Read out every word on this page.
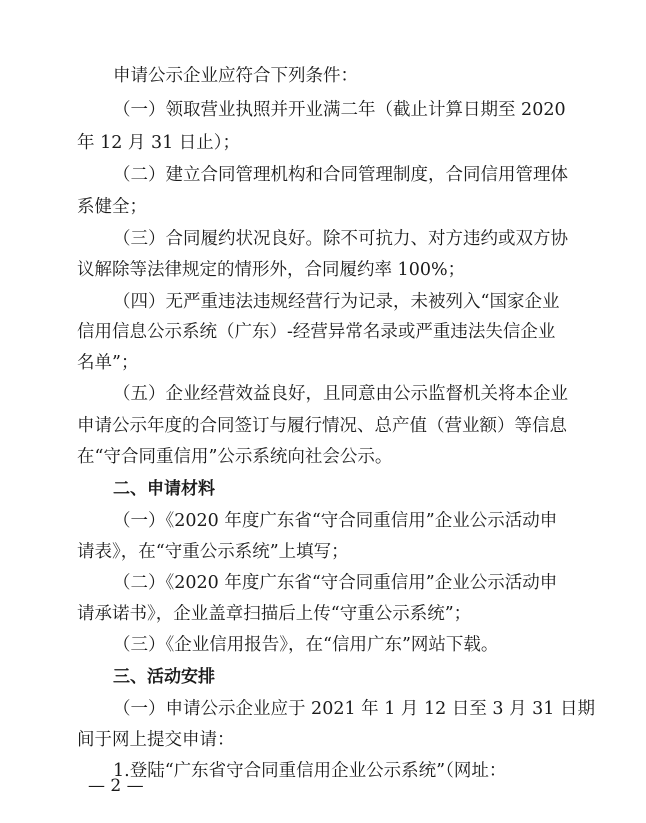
申请公示企业应符合下列条件：
（一）领取营业执照并开业满二年（截止计算日期至 2020
年 12 月 31 日止）；
（二）建立合同管理机构和合同管理制度，合同信用管理体
系健全；
（三）合同履约状况良好。除不可抗力、对方违约或双方协
议解除等法律规定的情形外，合同履约率 100%；
（四）无严重违法违规经营行为记录，未被列入“国家企业
信用信息公示系统（广东）-经营异常名录或严重违法失信企业
名单”；
（五）企业经营效益良好，且同意由公示监督机关将本企业
申请公示年度的合同签订与履行情况、总产值（营业额）等信息
在“守合同重信用”公示系统向社会公示。
二、申请材料
（一）《2020 年度广东省“守合同重信用”企业公示活动申
请表》，在“守重公示系统”上填写；
（二）《2020 年度广东省“守合同重信用”企业公示活动申
请承诺书》，企业盖章扫描后上传“守重公示系统”；
（三）《企业信用报告》，在“信用广东”网站下载。
三、活动安排
（一）申请公示企业应于 2021 年 1 月 12 日至 3 月 31 日期
间于网上提交申请：
1.登陆“广东省守合同重信用企业公示系统”（网址：
— 2 —
